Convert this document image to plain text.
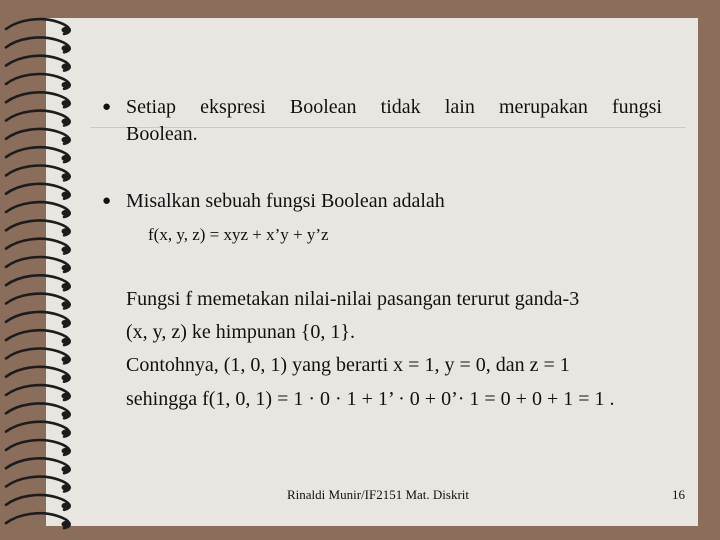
● Setiap ekspresi Boolean tidak lain merupakan fungsi
Boolean.
● Misalkan sebuah fungsi Boolean adalah
f(x, y, z) = xyz + x’y + y’z
Fungsi f memetakan nilai-nilai pasangan terurut ganda-3
(x, y, z) ke himpunan {0, 1}.
Contohnya, (1, 0, 1) yang berarti x = 1, y = 0, dan z = 1
sehingga f(1, 0, 1) = 1 · 0 · 1 + 1’ · 0 + 0’· 1 = 0 + 0 + 1 = 1 .
Rinaldi Munir/IF2151 Mat. Diskrit	16
